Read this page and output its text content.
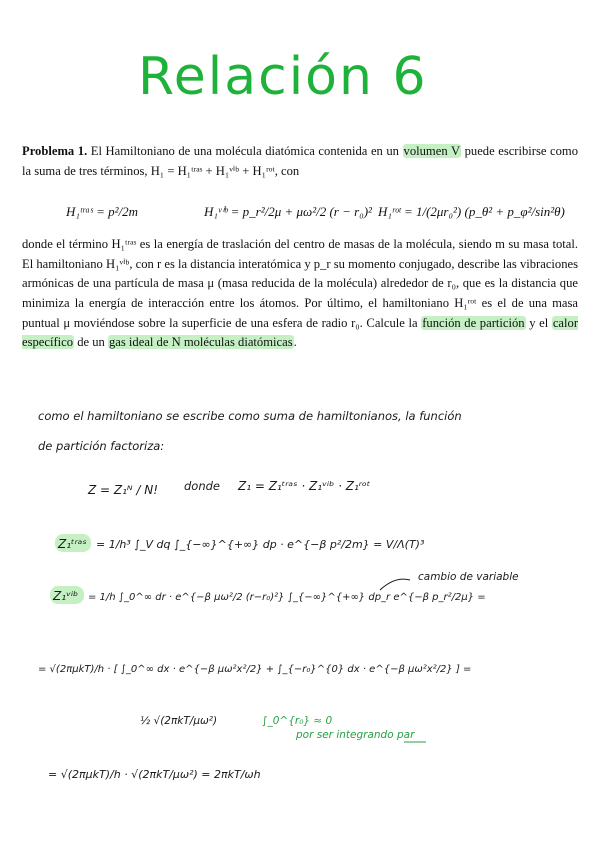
Relación 6
Problema 1. El Hamiltoniano de una molécula diatómica contenida en un volumen V puede escribirse como la suma de tres términos, H₁ = H₁ᵗʳᵃˢ + H₁ᵛⁱᵇ + H₁ʳᵒᵗ, con
donde el término H₁ᵗʳᵃˢ es la energía de traslación del centro de masas de la molécula, siendo m su masa total. El hamiltoniano H₁ᵛⁱᵇ, con r es la distancia interatómica y p_r su momento conjugado, describe las vibraciones armónicas de una partícula de masa μ (masa reducida de la molécula) alrededor de r₀, que es la distancia que minimiza la energía de interacción entre los átomos. Por último, el hamiltoniano H₁ʳᵒᵗ es el de una masa puntual μ moviéndose sobre la superficie de una esfera de radio r₀. Calcule la función de partición y el calor específico de un gas ideal de N moléculas diatómicas.
H₁ᵗʳᵃˢ = p²/2m	H₁ᵛⁱᵇ = p_r²/2μ + μω²/2 (r − r₀)² H₁ʳᵒᵗ = 1/(2μr₀²) (p_θ² + p_φ²/sin²θ)
como el hamiltoniano se escribe como suma de hamiltonianos, la función
de partición factoriza:
Z = Z₁ᴺ / N! donde Z₁ = Z₁ᵗʳᵃˢ · Z₁ᵛⁱᵇ · Z₁ʳᵒᵗ
Z₁ᵗʳᵃˢ = 1/h³ ∫_V dq ∫_{−∞}^{+∞} dp · e^{−β p²/2m} = V/Λ(T)³
Z₁ᵛⁱᵇ = 1/h ∫_0^∞ dr · e^{−β μω²/2 (r−r₀)²} ∫_{−∞}^{+∞} dp_r e^{−β p_r²/2μ} =
cambio de variable
= √(2πμkT)/h · [ ∫_0^∞ dx · e^{−β μω²x²/2} + ∫_{−r₀}^{0} dx · e^{−β μω²x²/2} ] =
½ √(2πkT/μω²)	∫_0^{r₀} ≈ 0
por ser integrando par
= √(2πμkT)/h · √(2πkT/μω²) = 2πkT/ωh
